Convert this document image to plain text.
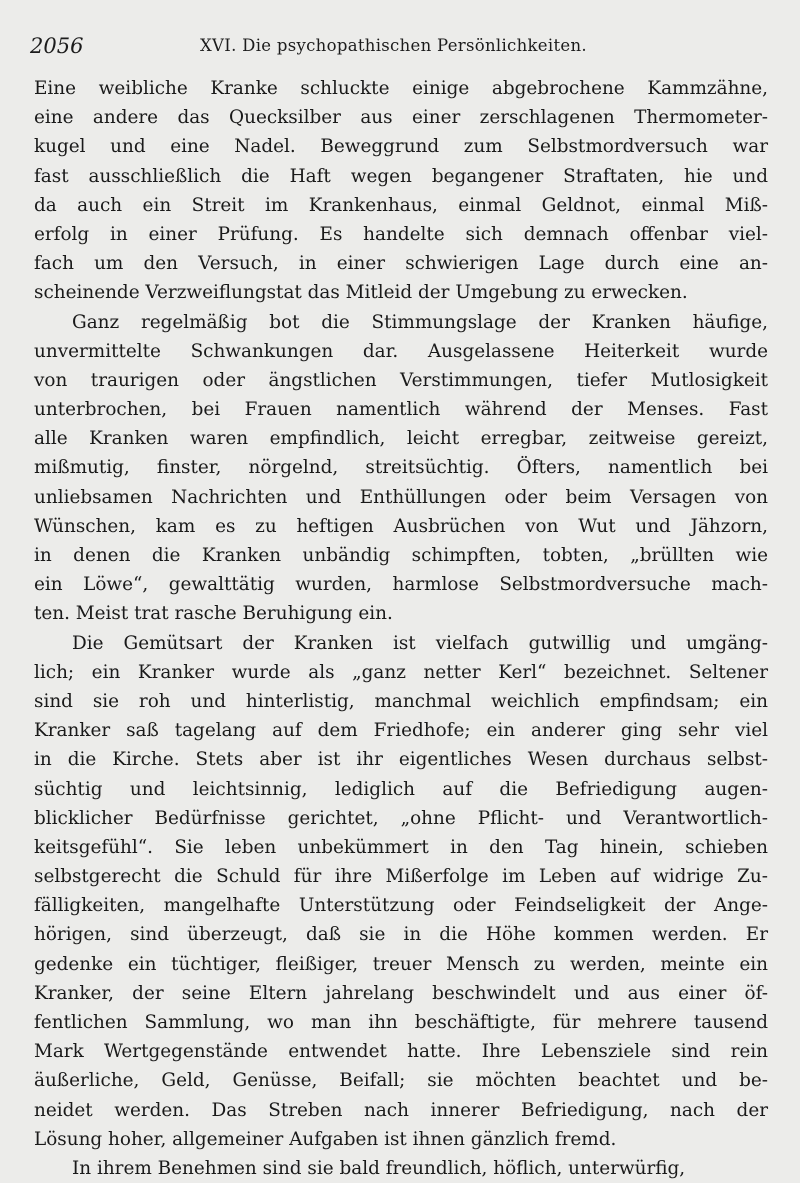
2056	XVI. Die psychopathischen Persönlichkeiten.
Eine weibliche Kranke schluckte einige abgebrochene Kammzähne,
eine andere das Quecksilber aus einer zerschlagenen Thermometer-
kugel und eine Nadel. Beweggrund zum Selbstmordversuch war
fast ausschließlich die Haft wegen begangener Straftaten, hie und
da auch ein Streit im Krankenhaus, einmal Geldnot, einmal Miß-
erfolg in einer Prüfung. Es handelte sich demnach offenbar viel-
fach um den Versuch, in einer schwierigen Lage durch eine an-
scheinende Verzweiflungstat das Mitleid der Umgebung zu erwecken.
Ganz regelmäßig bot die Stimmungslage der Kranken häufige,
unvermittelte Schwankungen dar. Ausgelassene Heiterkeit wurde
von traurigen oder ängstlichen Verstimmungen, tiefer Mutlosigkeit
unterbrochen, bei Frauen namentlich während der Menses. Fast
alle Kranken waren empfindlich, leicht erregbar, zeitweise gereizt,
mißmutig, finster, nörgelnd, streitsüchtig. Öfters, namentlich bei
unliebsamen Nachrichten und Enthüllungen oder beim Versagen von
Wünschen, kam es zu heftigen Ausbrüchen von Wut und Jähzorn,
in denen die Kranken unbändig schimpften, tobten, „brüllten wie
ein Löwe“, gewalttätig wurden, harmlose Selbstmordversuche mach-
ten. Meist trat rasche Beruhigung ein.
Die Gemütsart der Kranken ist vielfach gutwillig und umgäng-
lich; ein Kranker wurde als „ganz netter Kerl“ bezeichnet. Seltener
sind sie roh und hinterlistig, manchmal weichlich empfindsam; ein
Kranker saß tagelang auf dem Friedhofe; ein anderer ging sehr viel
in die Kirche. Stets aber ist ihr eigentliches Wesen durchaus selbst-
süchtig und leichtsinnig, lediglich auf die Befriedigung augen-
blicklicher Bedürfnisse gerichtet, „ohne Pflicht- und Verantwortlich-
keitsgefühl“. Sie leben unbekümmert in den Tag hinein, schieben
selbstgerecht die Schuld für ihre Mißerfolge im Leben auf widrige Zu-
fälligkeiten, mangelhafte Unterstützung oder Feindseligkeit der Ange-
hörigen, sind überzeugt, daß sie in die Höhe kommen werden. Er
gedenke ein tüchtiger, fleißiger, treuer Mensch zu werden, meinte ein
Kranker, der seine Eltern jahrelang beschwindelt und aus einer öf-
fentlichen Sammlung, wo man ihn beschäftigte, für mehrere tausend
Mark Wertgegenstände entwendet hatte. Ihre Lebensziele sind rein
äußerliche, Geld, Genüsse, Beifall; sie möchten beachtet und be-
neidet werden. Das Streben nach innerer Befriedigung, nach der
Lösung hoher, allgemeiner Aufgaben ist ihnen gänzlich fremd.
In ihrem Benehmen sind sie bald freundlich, höflich, unterwürfig,
